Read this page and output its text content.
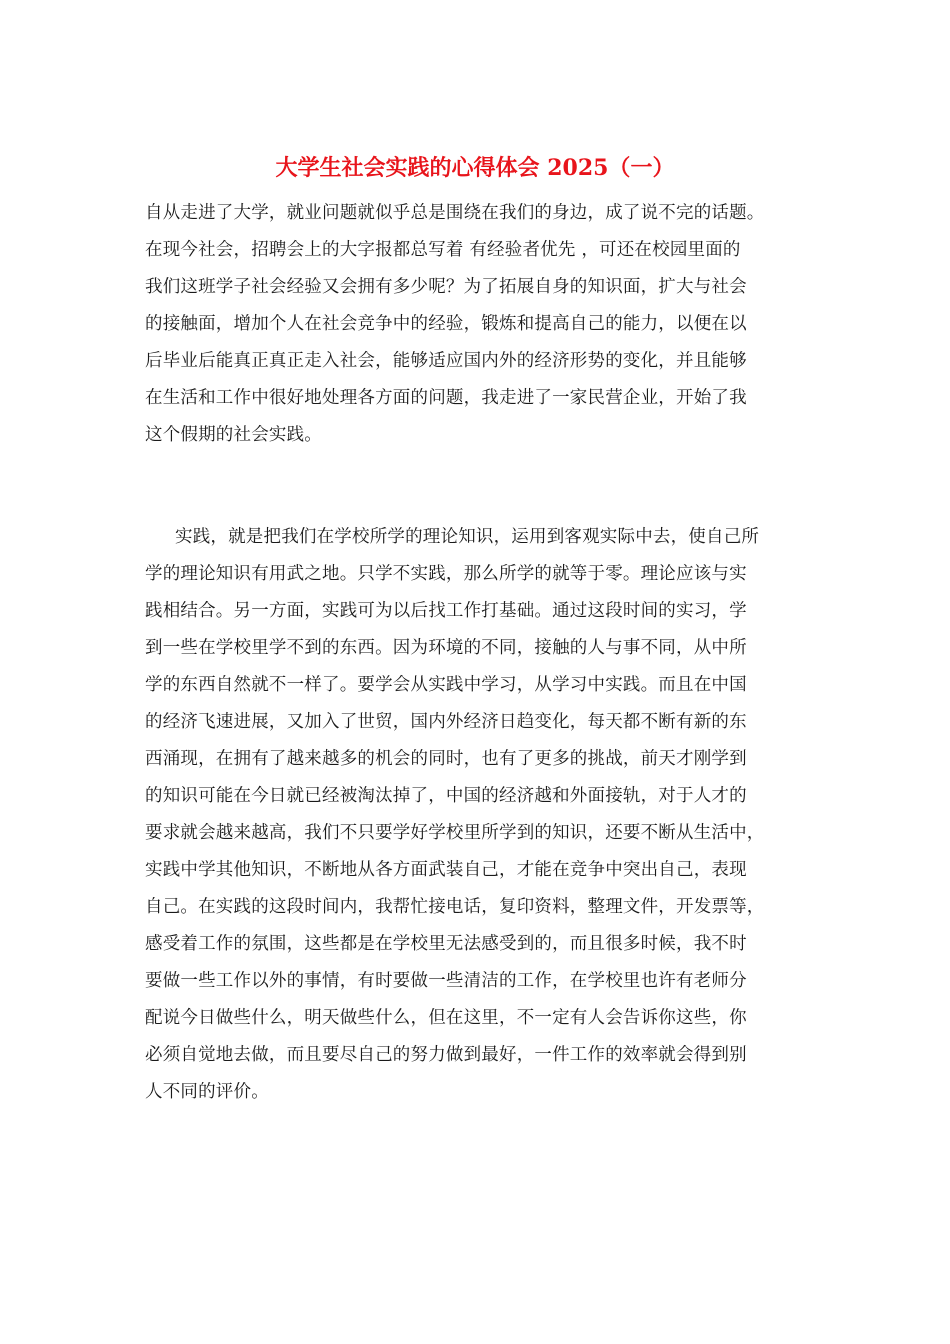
大学生社会实践的心得体会 2025（一）
自从走进了大学，就业问题就似乎总是围绕在我们的身边，成了说不完的话题。
在现今社会，招聘会上的大字报都总写着 有经验者优先 ，可还在校园里面的
我们这班学子社会经验又会拥有多少呢？为了拓展自身的知识面，扩大与社会
的接触面，增加个人在社会竞争中的经验，锻炼和提高自己的能力，以便在以
后毕业后能真正真正走入社会，能够适应国内外的经济形势的变化，并且能够
在生活和工作中很好地处理各方面的问题，我走进了一家民营企业，开始了我
这个假期的社会实践。
实践，就是把我们在学校所学的理论知识，运用到客观实际中去，使自己所
学的理论知识有用武之地。只学不实践，那么所学的就等于零。理论应该与实
践相结合。另一方面，实践可为以后找工作打基础。通过这段时间的实习，学
到一些在学校里学不到的东西。因为环境的不同，接触的人与事不同，从中所
学的东西自然就不一样了。要学会从实践中学习，从学习中实践。而且在中国
的经济飞速进展，又加入了世贸，国内外经济日趋变化，每天都不断有新的东
西涌现，在拥有了越来越多的机会的同时，也有了更多的挑战，前天才刚学到
的知识可能在今日就已经被淘汰掉了，中国的经济越和外面接轨，对于人才的
要求就会越来越高，我们不只要学好学校里所学到的知识，还要不断从生活中，
实践中学其他知识，不断地从各方面武装自己，才能在竞争中突出自己，表现
自己。在实践的这段时间内，我帮忙接电话，复印资料，整理文件，开发票等，
感受着工作的氛围，这些都是在学校里无法感受到的，而且很多时候，我不时
要做一些工作以外的事情，有时要做一些清洁的工作，在学校里也许有老师分
配说今日做些什么，明天做些什么，但在这里，不一定有人会告诉你这些，你
必须自觉地去做，而且要尽自己的努力做到最好，一件工作的效率就会得到别
人不同的评价。
